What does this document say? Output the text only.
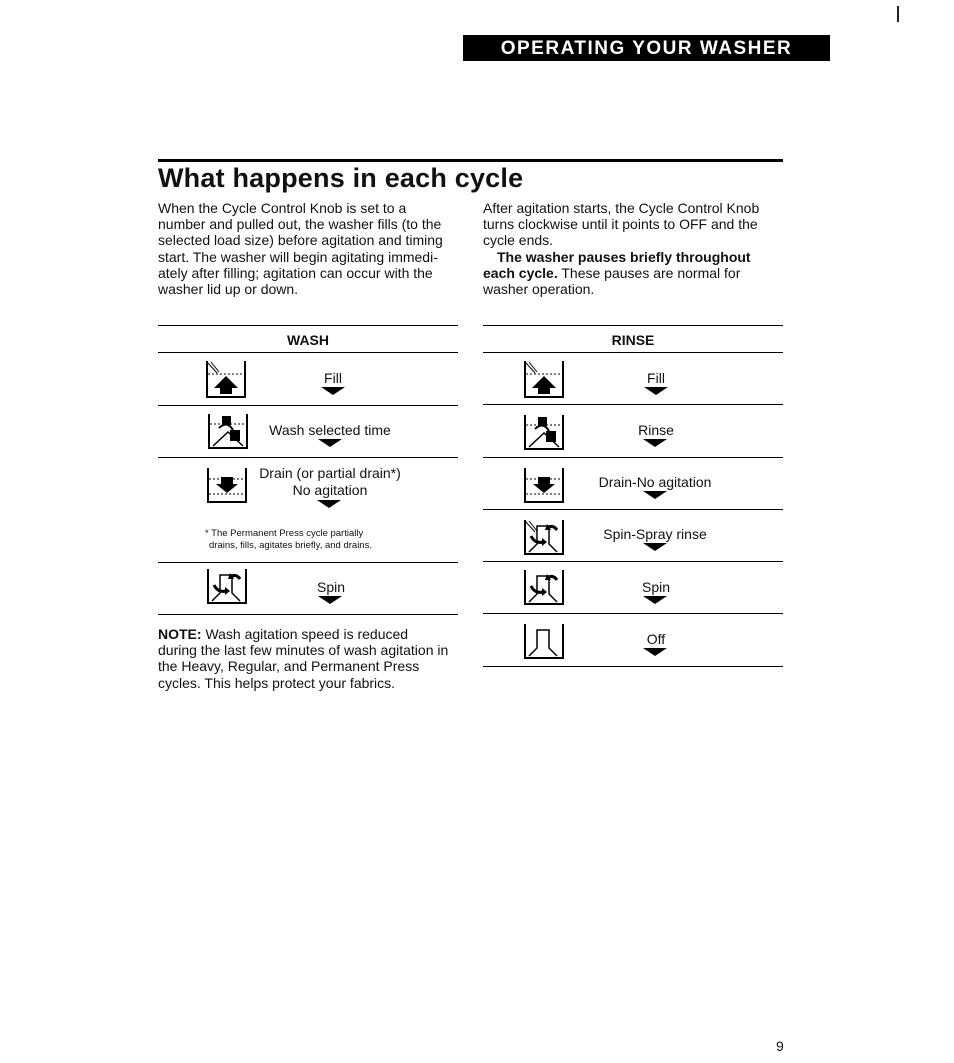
OPERATING YOUR WASHER
What happens in each cycle
When the Cycle Control Knob is set to a
number and pulled out, the washer fills (to the
selected load size) before agitation and timing
start. The washer will begin agitating immedi-
ately after filling; agitation can occur with the
washer lid up or down.
After agitation starts, the Cycle Control Knob
turns clockwise until it points to OFF and the
cycle ends.
The washer pauses briefly throughout
each cycle. These pauses are normal for
washer operation.
WASH
Fill
Wash selected time
Drain (or partial drain*)
No agitation
* The Permanent Press cycle partially
drains, fills, agitates briefly, and drains.
Spin
NOTE: Wash agitation speed is reduced
during the last few minutes of wash agitation in
the Heavy, Regular, and Permanent Press
cycles. This helps protect your fabrics.
RINSE
Fill
Rinse
Drain-No agitation
Spin-Spray rinse
Spin
Off
9
